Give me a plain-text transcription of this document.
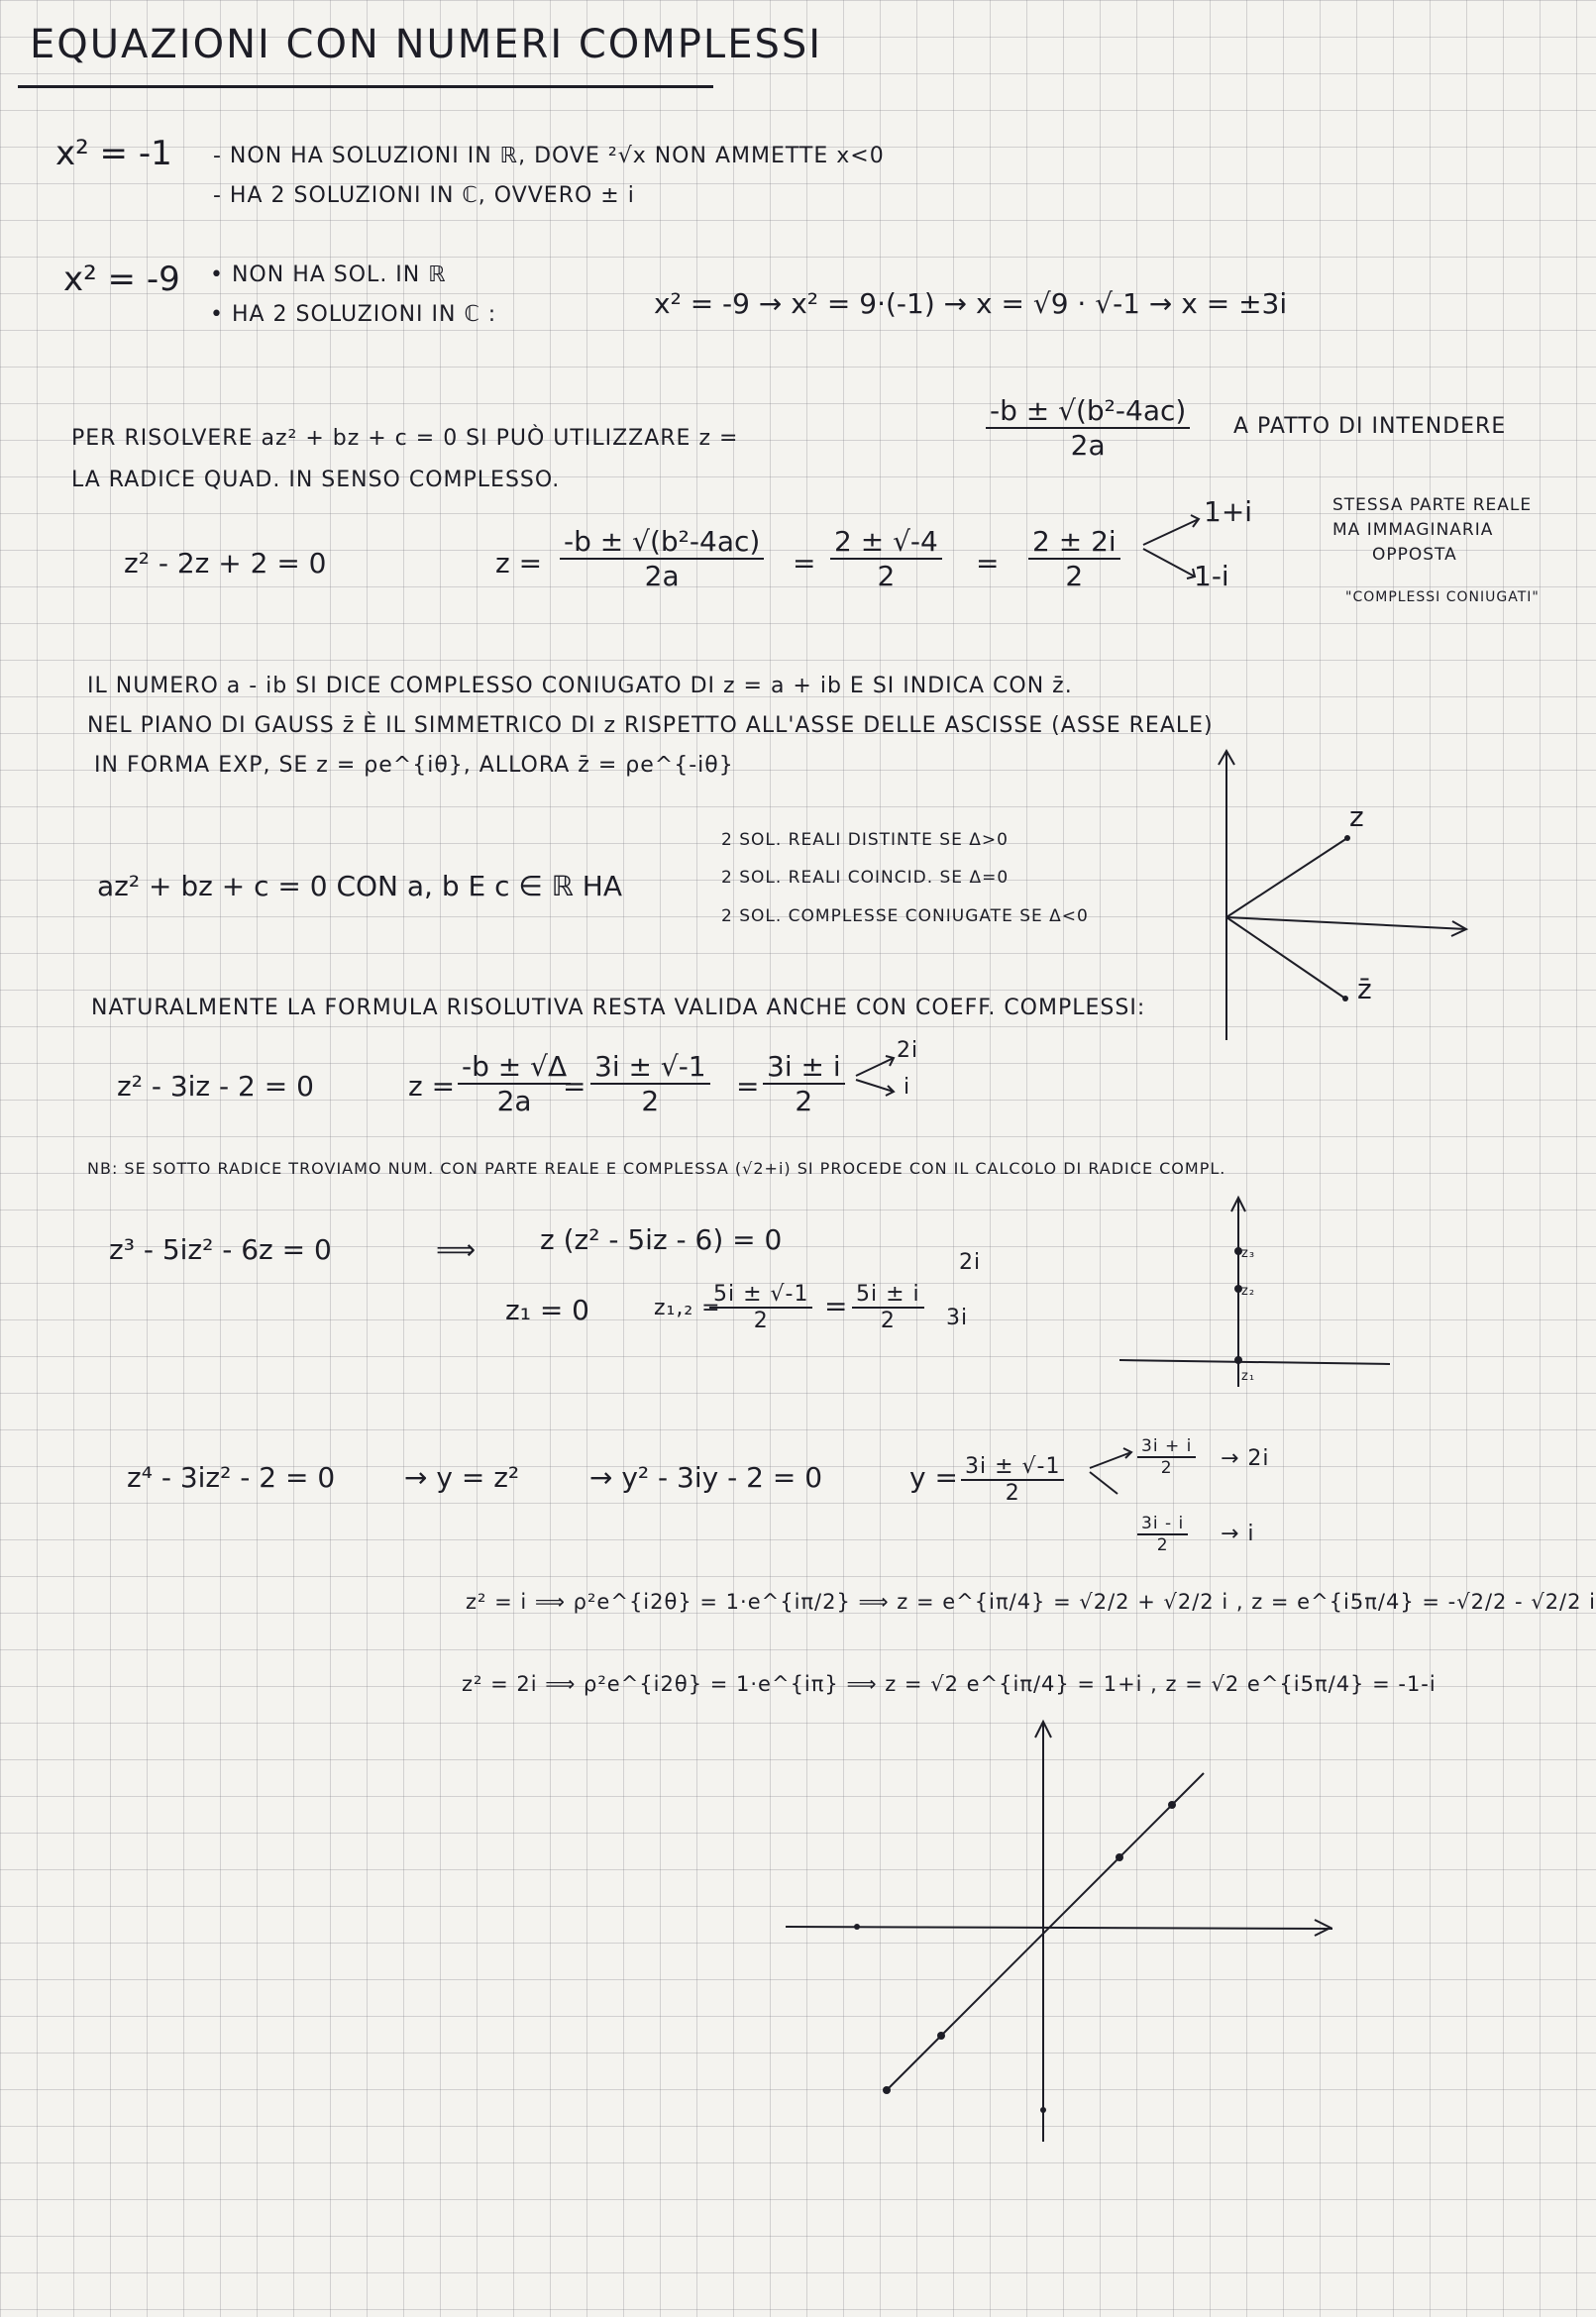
EQUAZIONI CON NUMERI COMPLESSI
x² = -1 - NON HA SOLUZIONI IN ℝ, DOVE ²√x NON AMMETTE x<0
- HA 2 SOLUZIONI IN ℂ, OVVERO ± i
x² = -9 • NON HA SOL. IN ℝ
• HA 2 SOLUZIONI IN ℂ :	x² = -9 → x² = 9·(-1) → x = √9 · √-1 → x = ±3i
PER RISOLVERE az² + bz + c = 0 SI PUÒ UTILIZZARE z =	$\frac{\text{-b ± √(b²-4ac)}}{2a}$ A PATTO DI INTENDERE
LA RADICE QUAD. IN SENSO COMPLESSO.
z² - 2z + 2 = 0	$z = \frac{\text{-b ± √(b²-4ac)}}{2a} = \frac{2 \pm √-4}{2} = \frac{2 \pm 2i}{2}$
1+i
1-i
STESSA PARTE REALE
MA IMMAGINARIA
OPPOSTA
"COMPLESSI CONIUGATI"
IL NUMERO a - ib SI DICE COMPLESSO CONIUGATO DI z = a + ib E SI INDICA CON z̄.
NEL PIANO DI GAUSS z̄ È IL SIMMETRICO DI z RISPETTO ALL'ASSE DELLE ASCISSE (ASSE REALE)
IN FORMA EXP, SE z = ρe^{iθ}, ALLORA z̄ = ρe^{-iθ}
az² + bz + c = 0 CON a, b E c ∈ ℝ HA
2 SOL. REALI DISTINTE SE Δ>0
2 SOL. REALI COINCID. SE Δ=0
2 SOL. COMPLESSE CONIUGATE SE Δ<0
z
z̄
NATURALMENTE LA FORMULA RISOLUTIVA RESTA VALIDA ANCHE CON COEFF. COMPLESSI:
z² - 3iz - 2 = 0	$z = \frac{-b \pm √\Delta}{2a}$
= $\frac{3i \pm √-1}{2} = \frac{3i \pm i}{2} 2i$
i
NB: SE SOTTO RADICE TROVIAMO NUM. CON PARTE REALE E COMPLESSA (√2+i) SI PROCEDE CON IL CALCOLO DI RADICE COMPL.
z³ - 5iz² - 6z = 0	⟹ z (z² - 5iz - 6) = 0
z₁ = 0	z₁,₂ =
$\frac{5i \pm √-1}{2} = \frac{5i \pm i}{2}$
2i
3i
z₃
z₂
z₁
z⁴ - 3iz² - 2 = 0 → y = z²	→ y² - 3iy - 2 = 0	$y = \frac{3i \pm √-1}{2}$	$\frac{3i + i}{2} \to 2i$
$\frac{3i - i}{2} \to i$
z² = i ⟹ ρ²e^{i2θ} = 1·e^{iπ/2} ⟹ z = e^{iπ/4} = √2/2 + √2/2 i , z = e^{i5π/4} = -√2/2 - √2/2 i
z² = 2i ⟹ ρ²e^{i2θ} = 1·e^{iπ} ⟹ z = √2 e^{iπ/4} = 1+i , z = √2 e^{i5π/4} = -1-i
